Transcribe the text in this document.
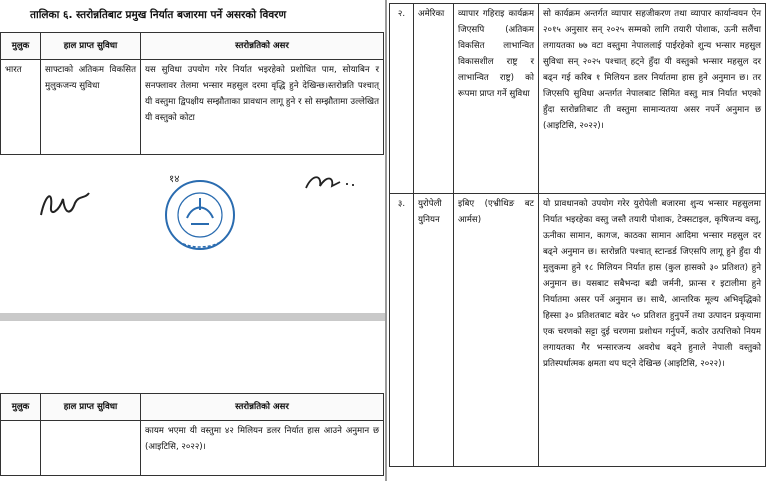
तालिका ६. स्तरोन्नतिबाट प्रमुख निर्यात बजारमा पर्ने असरको विवरण
मुलुक	हाल प्राप्त सुविधा	स्तरोन्नतिको असर
भारत	साफ्टाको अतिकम विकसित मुलुकजन्य सुविधा	यस सुविधा उपयोग गरेर निर्यात भइरहेको प्रशोधित पाम, सोयाबिन र सनफ्लावर तेलमा भन्सार महसुल दरमा वृद्धि हुने देखिन्छ।स्तरोन्नति पश्चात् यी वस्तुमा द्विपक्षीय सम्झौताका प्रावधान लागू हुने र सो सम्झौतामा उल्लेखित यी वस्तुको कोटा
१४
मुलुक	हाल प्राप्त सुविधा	स्तरोन्नतिको असर
		कायम भएमा यी वस्तुमा ४२ मिलियन डलर निर्यात हास आउने अनुमान छ (आइटिसि, २०२२)।
२.	अमेरिका	व्यापार गहिराइ कार्यक्रम जिएसपि (अतिकम विकसित लाभान्वित विकासशील राष्ट्र र लाभान्वित राष्ट्र) को रूपमा प्राप्त गर्ने सुविधा	सो कार्यक्रम अन्तर्गत व्यापार सहजीकरण तथा व्यापार कार्यान्वयन ऐन २०१५ अनुसार सन् २०२५ सम्मको लागि तयारी पोशाक, ऊनी सलैंचा लगायतका ७७ वटा वस्तुमा नेपाललाई पाईरहेको शुन्य भन्सार महसुल सुविधा सन् २०२५ पश्चात् हट्ने हुँदा यी वस्तुको भन्सार महसुल दर बढ्न गई करिब १ मिलियन डलर निर्यातमा हास हुने अनुमान छ। तर जिएसपि सुविधा अन्तर्गत नेपालबाट सिमित वस्तु मात्र निर्यात भएको हुँदा स्तरोन्नतिबाट ती वस्तुमा सामान्यतया असर नपर्ने अनुमान छ (आइटिसि, २०२२)।
३.	युरोपेली युनियन	इबिए (एभ्रीथिङ बट आर्मस)	यो प्रावधानको उपयोग गरेर युरोपेली बजारमा शुन्य भन्सार महसुलमा निर्यात भइरहेका वस्तु जस्तै तयारी पोशाक, टेक्सटाइल, कृषिजन्य वस्तु, ऊनीका सामान, कागज, काठका सामान आदिमा भन्सार महसुल दर बढ्ने अनुमान छ। स्तरोन्नति पश्चात् स्टान्डर्ड जिएसपि लागू हुने हुँदा यी मुलुकमा हुने १८ मिलियन निर्यात हास (कुल हासको ३० प्रतिशत) हुने अनुमान छ। यसबाट सबैभन्दा बढी जर्मनी, फ्रान्स र इटालीमा हुने निर्यातमा असर पर्ने अनुमान छ। साथै, आन्तरिक मूल्य अभिवृद्धिको हिस्सा ३० प्रतिशतबाट बढेर ५० प्रतिशत हुनुपर्ने तथा उत्पादन प्रकृयामा एक चरणको सट्टा दुई चरणमा प्रशोधन गर्नुपर्ने, कठोर उत्पत्तिको नियम लगायतका गैर भन्सारजन्य अवरोध बढ्ने हुनाले नेपाली वस्तुको प्रतिस्पर्धात्मक क्षमता थप घट्ने देखिन्छ (आइटिसि, २०२२)।
